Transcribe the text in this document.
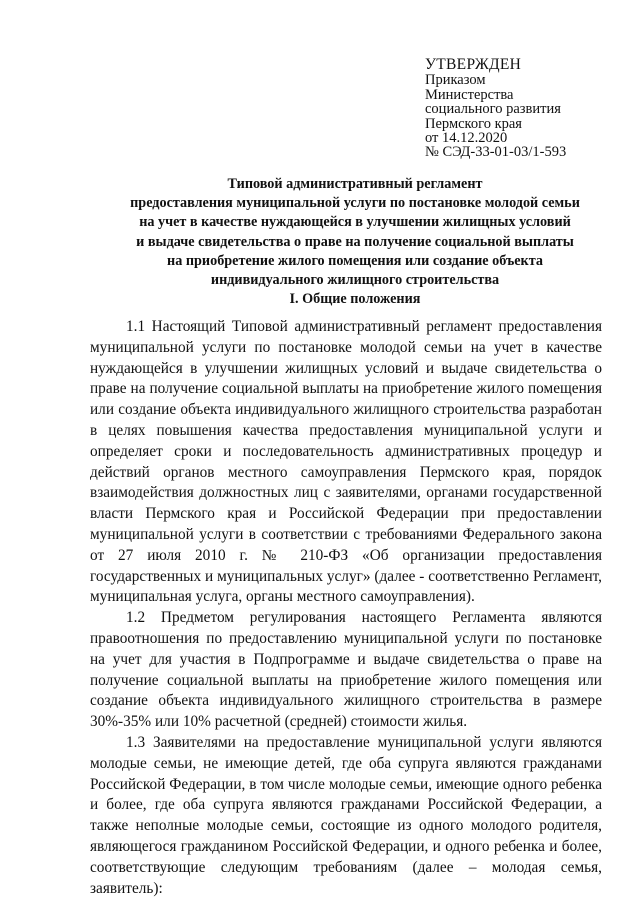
УТВЕРЖДЕН
Приказом
Министерства
социального развития
Пермского края
от 14.12.2020
№ СЭД-33-01-03/1-593
Типовой административный регламент
предоставления муниципальной услуги по постановке молодой семьи
на учет в качестве нуждающейся в улучшении жилищных условий
и выдаче свидетельства о праве на получение социальной выплаты
на приобретение жилого помещения или создание объекта
индивидуального жилищного строительства
I. Общие положения

1.1 Настоящий Типовой административный регламент предоставления муниципальной услуги по постановке молодой семьи на учет в качестве нуждающейся в улучшении жилищных условий и выдаче свидетельства о праве на получение социальной выплаты на приобретение жилого помещения или создание объекта индивидуального жилищного строительства разработан в целях повышения качества предоставления муниципальной услуги и определяет сроки и последовательность административных процедур и действий органов местного самоуправления Пермского края, порядок взаимодействия должностных лиц с заявителями, органами государственной власти Пермского края и Российской Федерации при предоставлении муниципальной услуги в соответствии с требованиями Федерального закона от 27 июля 2010 г. № 210-ФЗ «Об организации предоставления государственных и муниципальных услуг» (далее - соответственно Регламент, муниципальная услуга, органы местного самоуправления).

1.2 Предметом регулирования настоящего Регламента являются правоотношения по предоставлению муниципальной услуги по постановке на учет для участия в Подпрограмме и выдаче свидетельства о праве на получение социальной выплаты на приобретение жилого помещения или создание объекта индивидуального жилищного строительства в размере 30%-35% или 10% расчетной (средней) стоимости жилья.

1.3 Заявителями на предоставление муниципальной услуги являются молодые семьи, не имеющие детей, где оба супруга являются гражданами Российской Федерации, в том числе молодые семьи, имеющие одного ребенка и более, где оба супруга являются гражданами Российской Федерации, а также неполные молодые семьи, состоящие из одного молодого родителя, являющегося гражданином Российской Федерации, и одного ребенка и более, соответствующие следующим требованиям (далее – молодая семья, заявитель):
